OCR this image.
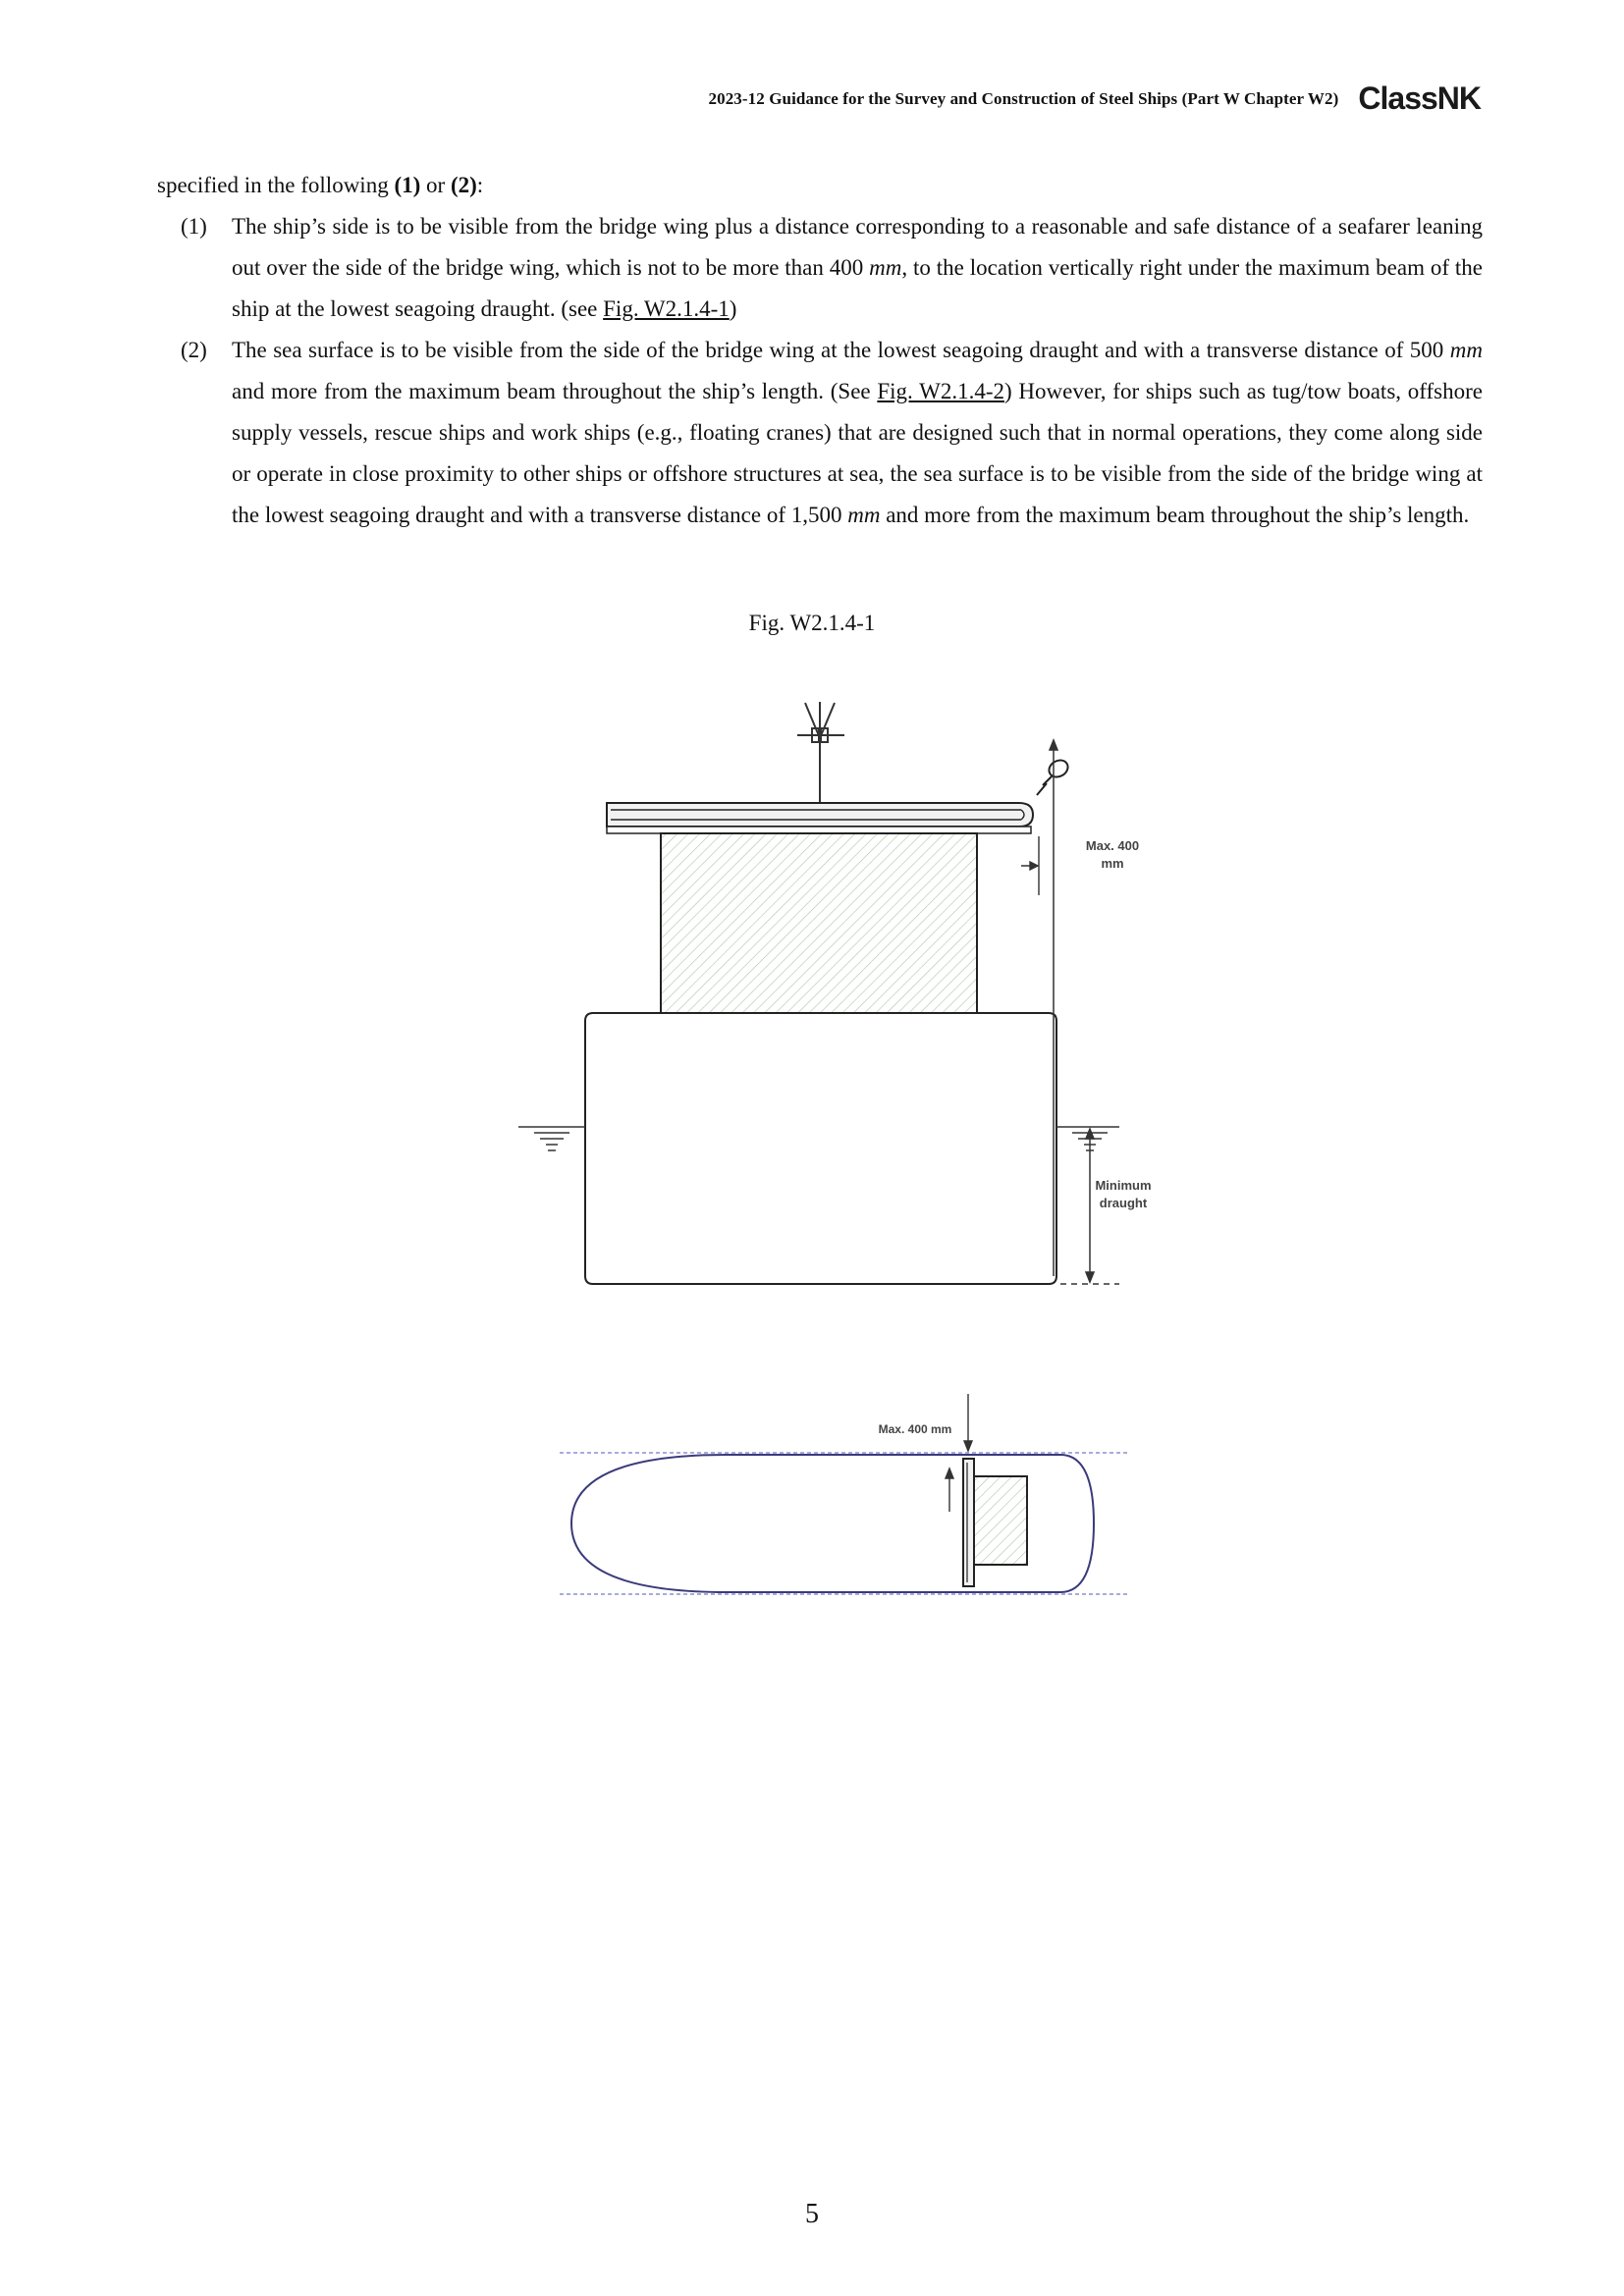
2023-12 Guidance for the Survey and Construction of Steel Ships (Part W Chapter W2) ClassNK

specified in the following (1) or (2):

(1) The ship’s side is to be visible from the bridge wing plus a distance corresponding to a reasonable and safe distance of a seafarer leaning out over the side of the bridge wing, which is not to be more than 400 mm, to the location vertically right under the maximum beam of the ship at the lowest seagoing draught. (see Fig. W2.1.4-1)

(2) The sea surface is to be visible from the side of the bridge wing at the lowest seagoing draught and with a transverse distance of 500 mm and more from the maximum beam throughout the ship’s length. (See Fig. W2.1.4-2) However, for ships such as tug/tow boats, offshore supply vessels, rescue ships and work ships (e.g., floating cranes) that are designed such that in normal operations, they come along side or operate in close proximity to other ships or offshore structures at sea, the sea surface is to be visible from the side of the bridge wing at the lowest seagoing draught and with a transverse distance of 1,500 mm and more from the maximum beam throughout the ship’s length.

Fig. W2.1.4-1
Max. 400
mm
Minimum
draught
Max. 400 mm
5
